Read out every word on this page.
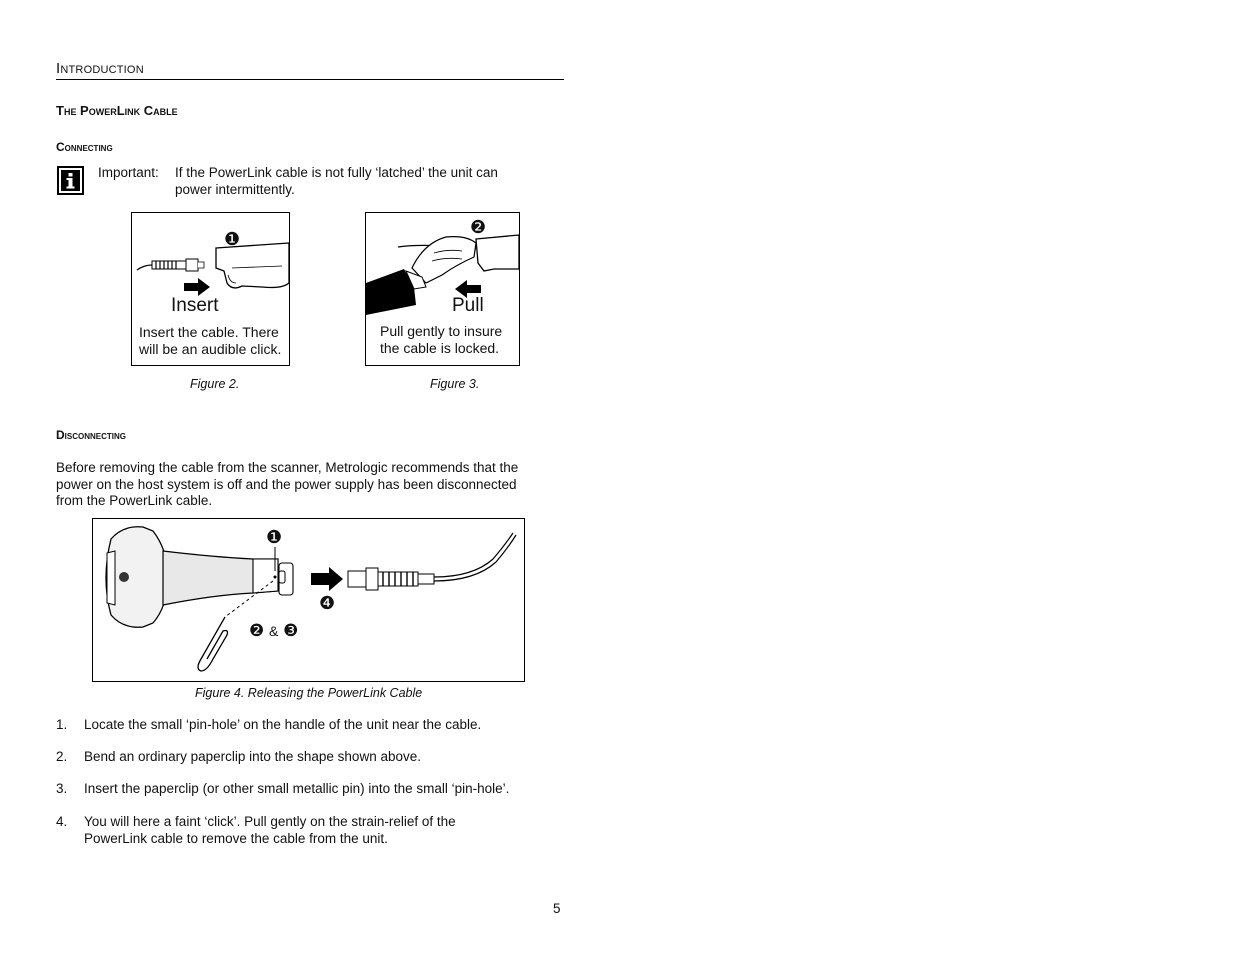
Introduction
The PowerLink Cable
Connecting
Important: If the PowerLink cable is not fully ‘latched’ the unit can power intermittently.
❶
Insert
Insert the cable. There
will be an audible click.
Figure 2.
❷
Pull
Pull gently to insure
the cable is locked.
Figure 3.
Disconnecting
Before removing the cable from the scanner, Metrologic recommends that the power on the host system is off and the power supply has been disconnected from the PowerLink cable.
❶
❹
❷ & ❸
Figure 4. Releasing the PowerLink Cable
1. Locate the small ‘pin-hole’ on the handle of the unit near the cable.
2. Bend an ordinary paperclip into the shape shown above.
3. Insert the paperclip (or other small metallic pin) into the small ‘pin-hole’.
4. You will here a faint ‘click’. Pull gently on the strain-relief of the PowerLink cable to remove the cable from the unit.
5
